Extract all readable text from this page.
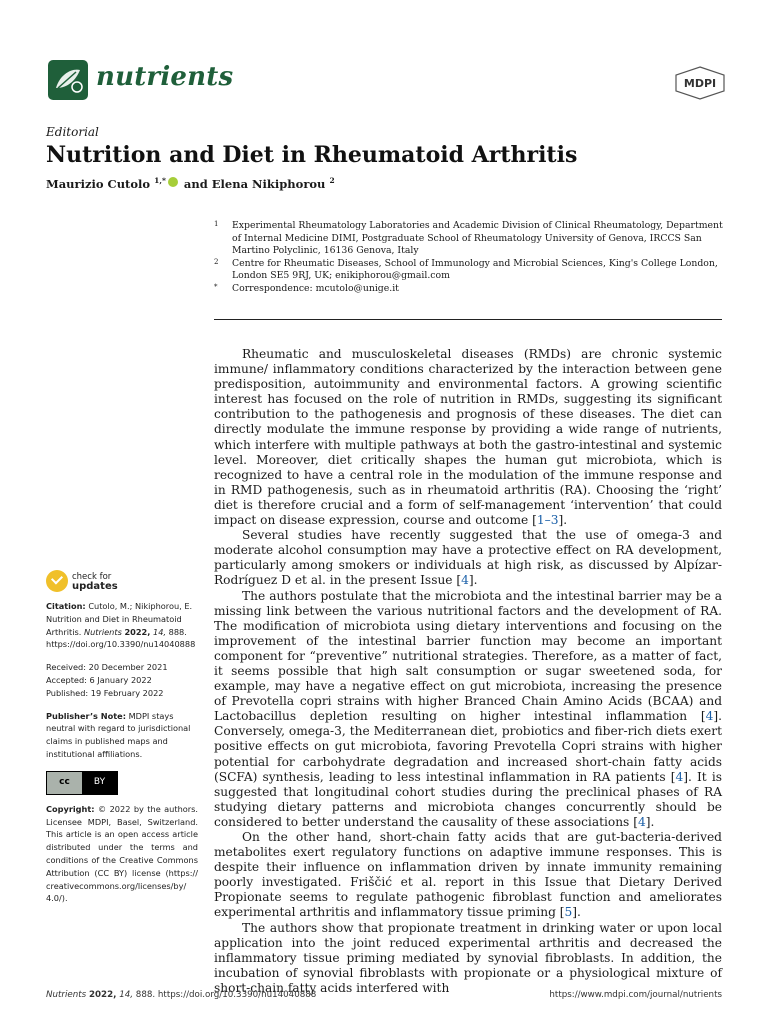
nutrients	MDPI
Editorial
Nutrition and Diet in Rheumatoid Arthritis
Maurizio Cutolo $^{1,*}$ and Elena Nikiphorou $^2$
1 Experimental Rheumatology Laboratories and Academic Division of Clinical Rheumatology, Department of Internal Medicine DIMI, Postgraduate School of Rheumatology University of Genova, IRCCS San Martino Polyclinic, 16136 Genova, Italy
2 Centre for Rheumatic Diseases, School of Immunology and Microbial Sciences, King's College London, London SE5 9RJ, UK; enikiphorou@gmail.com
* Correspondence: mcutolo@unige.it

Rheumatic and musculoskeletal diseases (RMDs) are chronic systemic immune/ inflammatory conditions characterized by the interaction between gene predisposition, autoimmunity and environmental factors. A growing scientific interest has focused on the role of nutrition in RMDs, suggesting its significant contribution to the pathogenesis and prognosis of these diseases. The diet can directly modulate the immune response by providing a wide range of nutrients, which interfere with multiple pathways at both the gastro-intestinal and systemic level. Moreover, diet critically shapes the human gut microbiota, which is recognized to have a central role in the modulation of the immune response and in RMD pathogenesis, such as in rheumatoid arthritis (RA). Choosing the ‘right’ diet is therefore crucial and a form of self-management ‘intervention’ that could impact on disease expression, course and outcome [1–3].

Several studies have recently suggested that the use of omega-3 and moderate alcohol consumption may have a protective effect on RA development, particularly among smokers or individuals at high risk, as discussed by Alpízar-Rodríguez D et al. in the present Issue [4].

The authors postulate that the microbiota and the intestinal barrier may be a missing link between the various nutritional factors and the development of RA. The modification of microbiota using dietary interventions and focusing on the improvement of the intestinal barrier function may become an important component for “preventive” nutritional strategies. Therefore, as a matter of fact, it seems possible that high salt consumption or sugar sweetened soda, for example, may have a negative effect on gut microbiota, increasing the presence of Prevotella copri strains with higher Branced Chain Amino Acids (BCAA) and Lactobacillus depletion resulting on higher intestinal inflammation [4]. Conversely, omega-3, the Mediterranean diet, probiotics and fiber-rich diets exert positive effects on gut microbiota, favoring Prevotella Copri strains with higher potential for carbohydrate degradation and increased short-chain fatty acids (SCFA) synthesis, leading to less intestinal inflammation in RA patients [4]. It is suggested that longitudinal cohort studies during the preclinical phases of RA studying dietary patterns and microbiota changes concurrently should be considered to better understand the causality of these associations [4].

On the other hand, short-chain fatty acids that are gut-bacteria-derived metabolites exert regulatory functions on adaptive immune responses. This is despite their influence on inflammation driven by innate immunity remaining poorly investigated. Friščić et al. report in this Issue that Dietary Derived Propionate seems to regulate pathogenic fibroblast function and ameliorates experimental arthritis and inflammatory tissue priming [5].

The authors show that propionate treatment in drinking water or upon local application into the joint reduced experimental arthritis and decreased the inflammatory tissue priming mediated by synovial fibroblasts. In addition, the incubation of synovial fibroblasts with propionate or a physiological mixture of short-chain fatty acids interfered with

check for
updates
Citation: Cutolo, M.; Nikiphorou, E. Nutrition and Diet in Rheumatoid Arthritis. Nutrients 2022, 14, 888. https://doi.org/10.3390/nu14040888
Received: 20 December 2021
Accepted: 6 January 2022
Published: 19 February 2022
Publisher’s Note: MDPI stays neutral with regard to jurisdictional claims in published maps and institutional affiliations.
cc	BY
Copyright: © 2022 by the authors. Licensee MDPI, Basel, Switzerland. This article is an open access article distributed under the terms and conditions of the Creative Commons Attribution (CC BY) license (https:// creativecommons.org/licenses/by/ 4.0/).
Nutrients 2022, 14, 888. https://doi.org/10.3390/nu14040888	https://www.mdpi.com/journal/nutrients
